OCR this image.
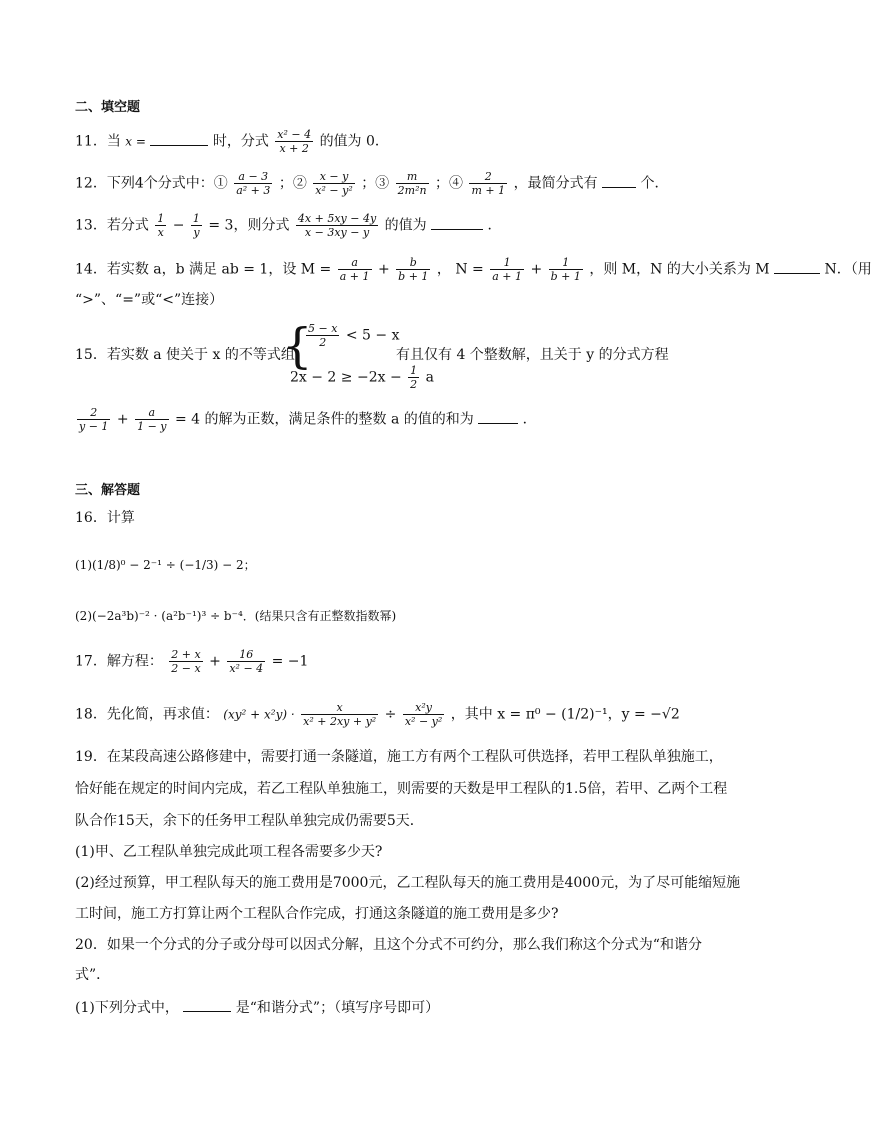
二、填空题
11．当 x =	时，分式 $\frac{\text{x² − 4}}{x + 2}$ 的值为 0．
12．下列4个分式中：① $\frac{a - 3}{\text{a² + 3}}$ ；② $\frac{x - y}{\text{x² − y²}}$ ；③ $\frac{m}{\text{2m²n}}$ ；④ $\frac{2}{m + 1}$ ，最简分式有	个．
13．若分式 $\frac{1}{x} - \frac{1}{y} = 3$，则分式 $\frac{4x + 5xy - 4y}{x - 3xy - y}$ 的值为	．
14．若实数 a，b 满足 ab = 1，设 $M = \frac{a}{a + 1} + \frac{b}{b + 1}$ ， $N = \frac{1}{a + 1} + \frac{1}{b + 1}$ ，则 M，N 的大小关系为 M	N．（用
“>”、“=”或“<”连接）
15．若实数 a 使关于 x 的不等式组
{
$\frac{5 - x}{2} < 5 - x$
$2x - 2 \ge -2x - \frac{1}{2}$ a
有且仅有 4 个整数解，且关于 y 的分式方程
$\frac{2}{y - 1} + \frac{a}{1 - y} = 4$ 的解为正数，满足条件的整数 a 的值的和为	．
三、解答题
16．计算
(1)(1/8)⁰ − 2⁻¹ ÷ (−1/3) − 2；
(2)(−2a³b)⁻² · (a²b⁻¹)³ ÷ b⁻⁴．(结果只含有正整数指数幂)
17．解方程： $\frac{2 + x}{2 - x} + \frac{16}{\text{x² − 4}} = -1$
18．先化简，再求值： $(xy^2 + x^2y) \cdot \frac{x}{\text{x² + 2xy + y²}} \div \frac{\text{x²y}}{\text{x² − y²}}$ ，其中 x = π⁰ − (1/2)⁻¹，y = −√2
19．在某段高速公路修建中，需要打通一条隧道，施工方有两个工程队可供选择，若甲工程队单独施工，
恰好能在规定的时间内完成，若乙工程队单独施工，则需要的天数是甲工程队的1.5倍，若甲、乙两个工程
队合作15天，余下的任务甲工程队单独完成仍需要5天．
(1)甲、乙工程队单独完成此项工程各需要多少天?
(2)经过预算，甲工程队每天的施工费用是7000元，乙工程队每天的施工费用是4000元，为了尽可能缩短施
工时间，施工方打算让两个工程队合作完成，打通这条隧道的施工费用是多少?
20．如果一个分式的分子或分母可以因式分解，且这个分式不可约分，那么我们称这个分式为“和谐分
式”．
(1)下列分式中，	是“和谐分式”；（填写序号即可）
